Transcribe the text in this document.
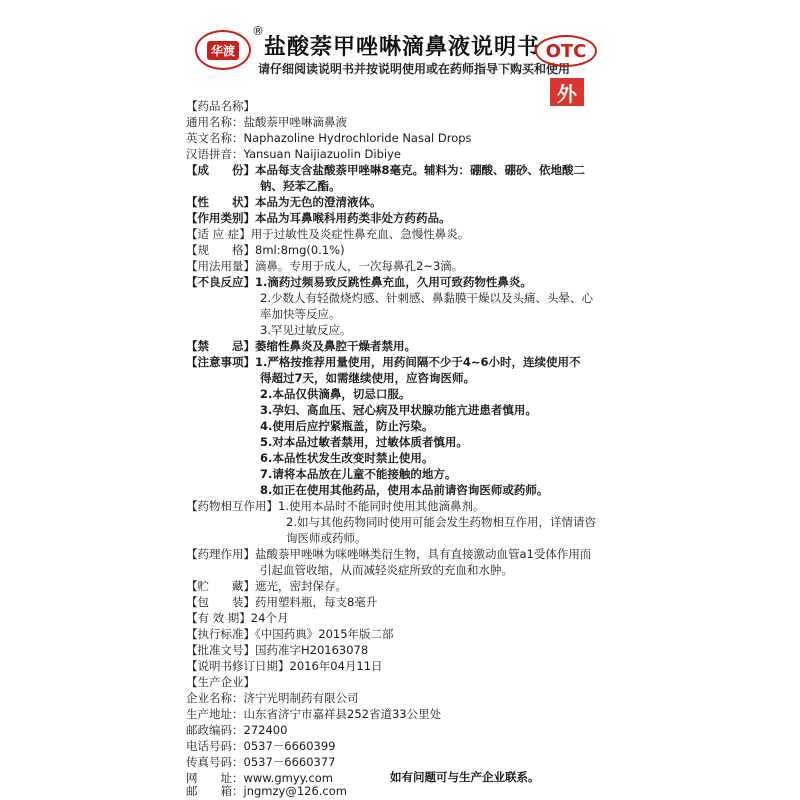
华渡
®
盐酸萘甲唑啉滴鼻液说明书
请仔细阅读说明书并按说明使用或在药师指导下购买和使用
OTC
外
【药品名称】
通用名称：盐酸萘甲唑啉滴鼻液
英文名称：Naphazoline Hydrochloride Nasal Drops
汉语拼音：Yansuan Naijiazuolin Dibiye
【成　　份】本品每支含盐酸萘甲唑啉8毫克。辅料为：硼酸、硼砂、依地酸二
钠、羟苯乙酯。
【性　　状】本品为无色的澄清液体。
【作用类别】本品为耳鼻喉科用药类非处方药药品。
【适 应 症】用于过敏性及炎症性鼻充血、急慢性鼻炎。
【规　　格】8ml:8mg(0.1%)
【用法用量】滴鼻。专用于成人，一次每鼻孔2~3滴。
【不良反应】1.滴药过频易致反跳性鼻充血，久用可致药物性鼻炎。
2.少数人有轻微烧灼感、针刺感、鼻黏膜干燥以及头痛、头晕、心
率加快等反应。
3.罕见过敏反应。
【禁　　忌】萎缩性鼻炎及鼻腔干燥者禁用。
【注意事项】1.严格按推荐用量使用，用药间隔不少于4~6小时，连续使用不
得超过7天，如需继续使用，应咨询医师。
2.本品仅供滴鼻，切忌口服。
3.孕妇、高血压、冠心病及甲状腺功能亢进患者慎用。
4.使用后应拧紧瓶盖，防止污染。
5.对本品过敏者禁用，过敏体质者慎用。
6.本品性状发生改变时禁止使用。
7.请将本品放在儿童不能接触的地方。
8.如正在使用其他药品，使用本品前请咨询医师或药师。
【药物相互作用】1.使用本品时不能同时使用其他滴鼻剂。
2.如与其他药物同时使用可能会发生药物相互作用，详情请咨
询医师或药师。
【药理作用】盐酸萘甲唑啉为咪唑啉类衍生物，具有直接激动血管a1受体作用而
引起血管收缩，从而减轻炎症所致的充血和水肿。
【贮　　藏】遮光，密封保存。
【包　　装】药用塑料瓶，每支8毫升
【有 效 期】24个月
【执行标准】《中国药典》2015年版二部
【批准文号】国药准字H20163078
【说明书修订日期】2016年04月11日
【生产企业】
企业名称：济宁光明制药有限公司
生产地址：山东省济宁市嘉祥县252省道33公里处
邮政编码：272400
电话号码：0537－6660399
传真号码：0537－6660377
网　　址：www.gmyy.com
邮　　箱：jngmzy@126.com
如有问题可与生产企业联系。
